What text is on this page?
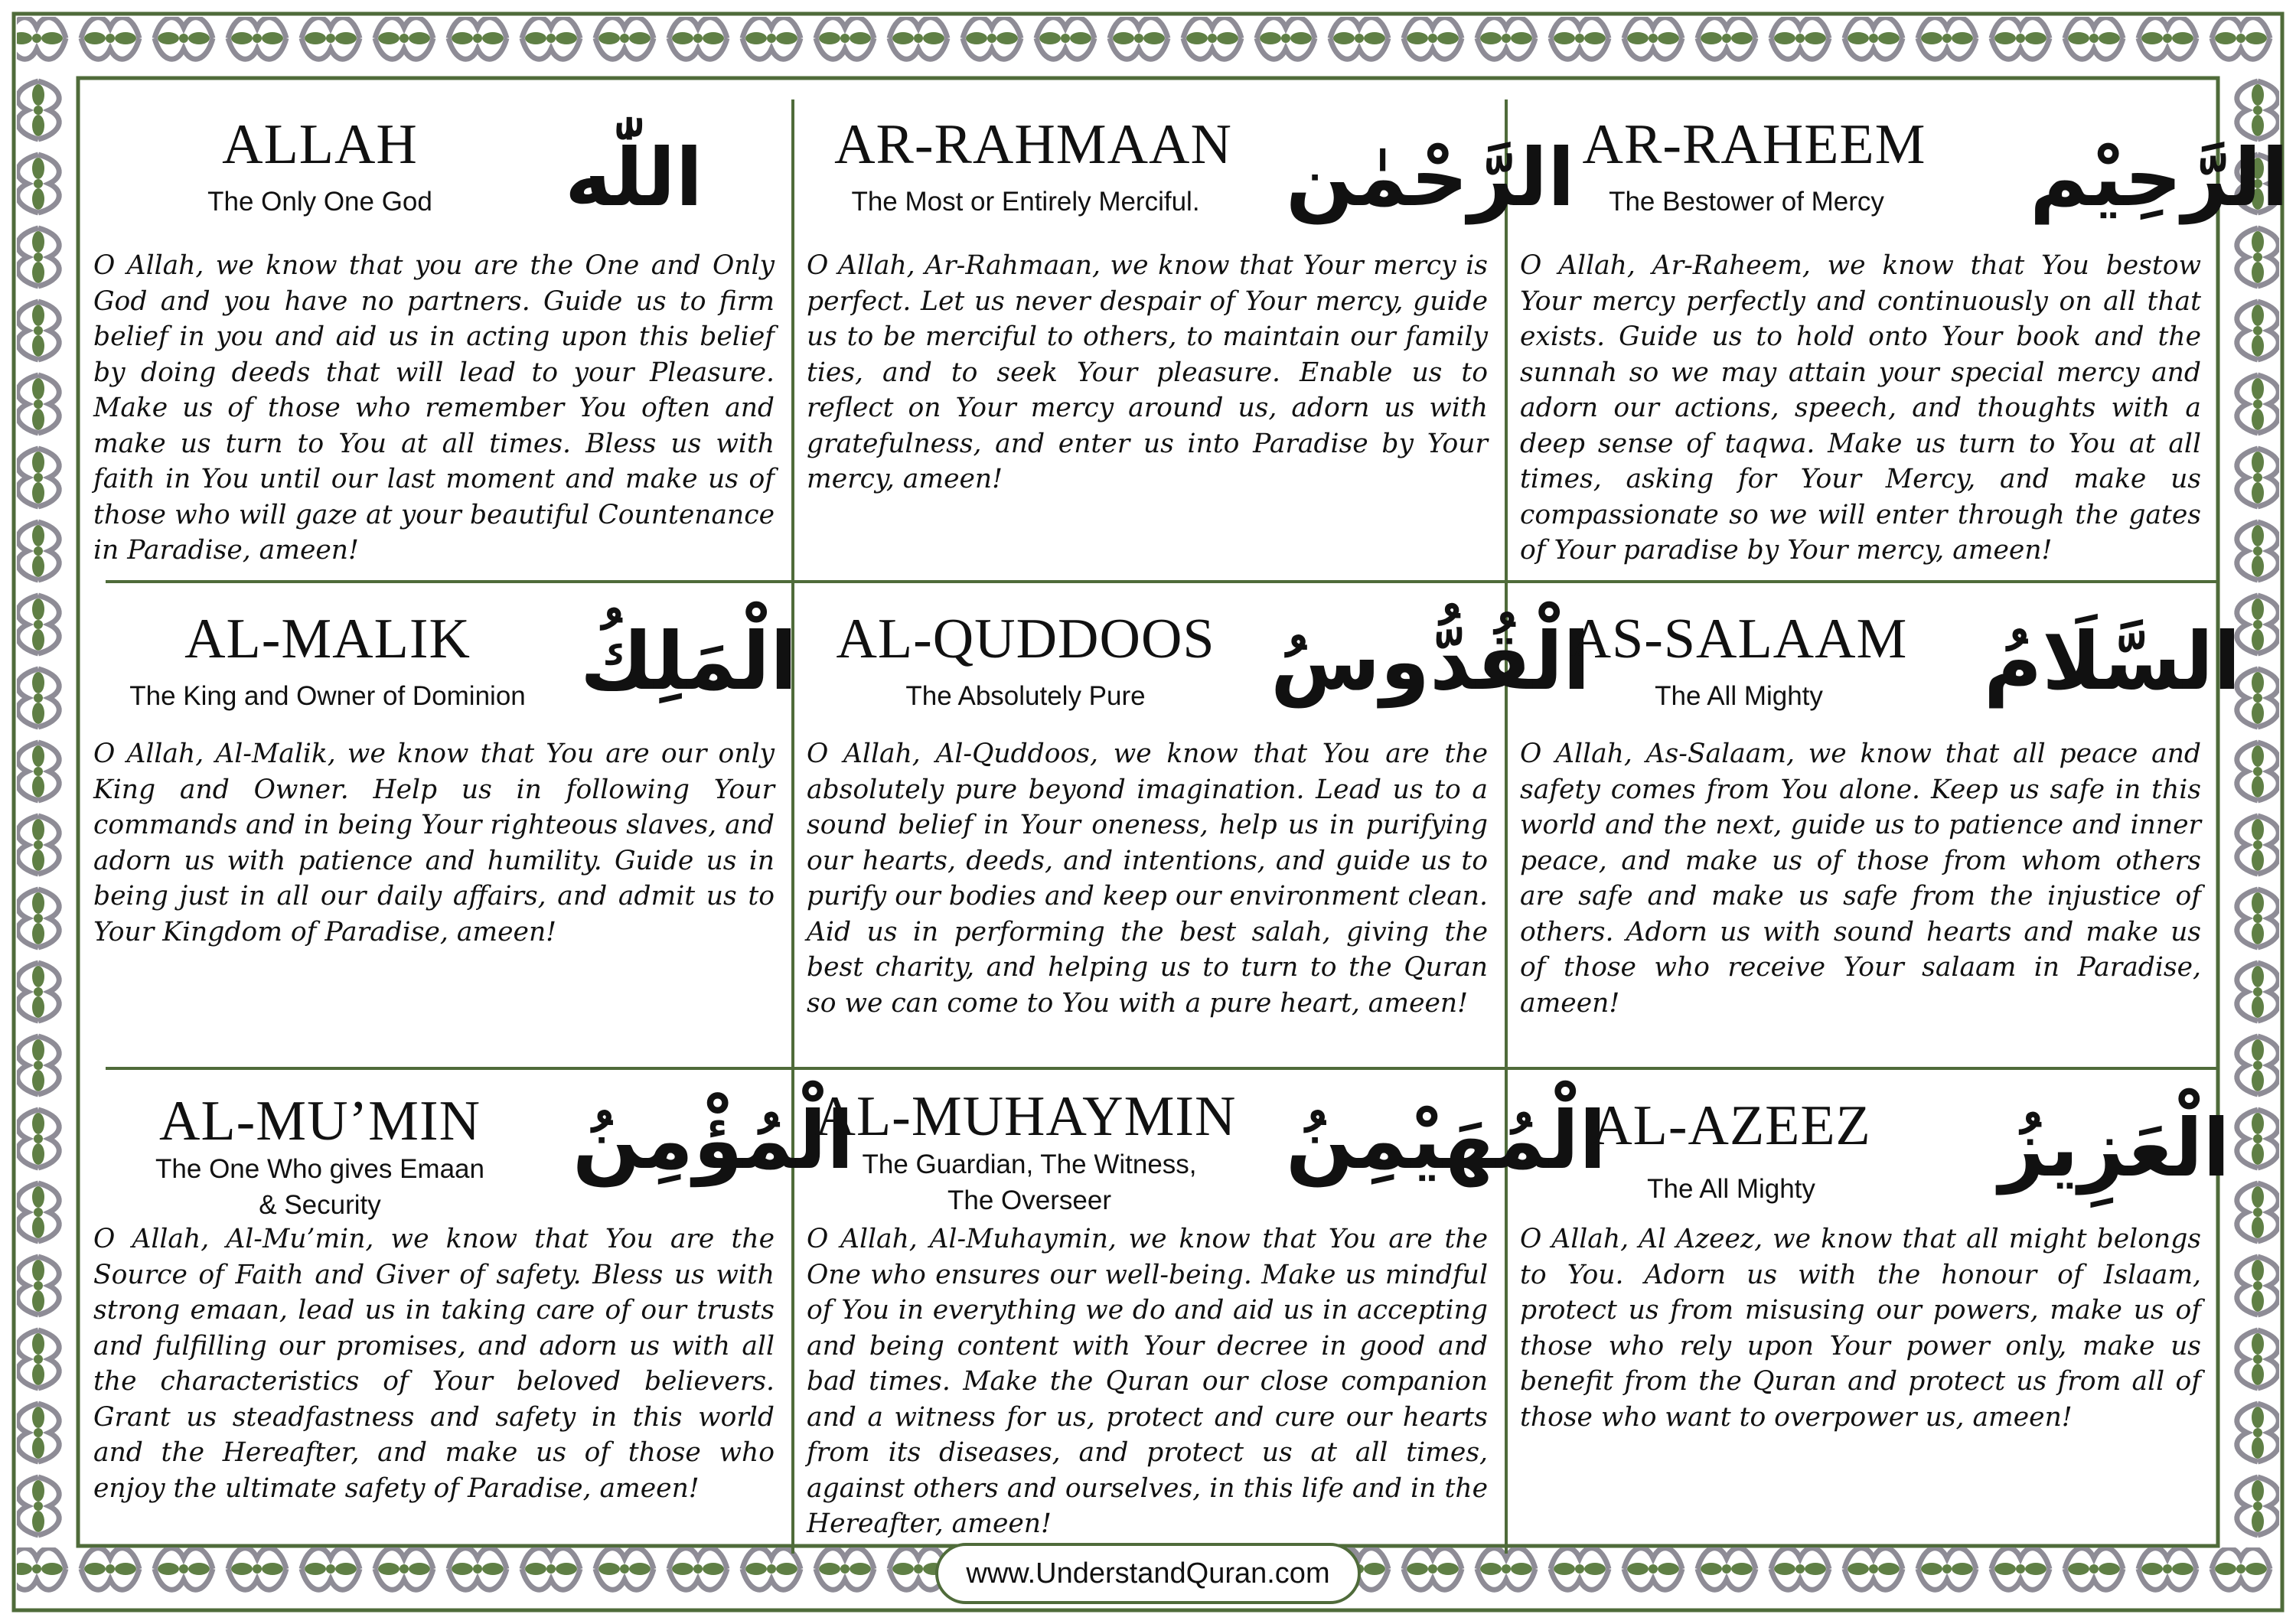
ALLAH
The Only One God	اللّٰه
O Allah, we know that you are the One and Only God and you have no partners. Guide us to firm belief in you and aid us in acting upon this belief by doing deeds that will lead to your Pleasure. Make us of those who remember You often and make us turn to You at all times. Bless us with faith in You until our last moment and make us of those who will gaze at your beautiful Countenance in Paradise, ameen!
AR-RAHMAAN
The Most or Entirely Merciful.	الرَّحْمٰن
O Allah, Ar-Rahmaan, we know that Your mercy is perfect. Let us never despair of Your mercy, guide us to be merciful to others, to maintain our family ties, and to seek Your pleasure. Enable us to reflect on Your mercy around us, adorn us with gratefulness, and enter us into Paradise by Your mercy, ameen!
AR-RAHEEM
The Bestower of Mercy	الرَّحِيْم
O Allah, Ar-Raheem, we know that You bestow Your mercy perfectly and continuously on all that exists. Guide us to hold onto Your book and the sunnah so we may attain your special mercy and adorn our actions, speech, and thoughts with a deep sense of taqwa. Make us turn to You at all times, asking for Your Mercy, and make us compassionate so we will enter through the gates of Your paradise by Your mercy, ameen!
AL-MALIK
The King and Owner of Dominion الْمَلِكُ
O Allah, Al-Malik, we know that You are our only King and Owner. Help us in following Your commands and in being Your righteous slaves, and adorn us with patience and humility. Guide us in being just in all our daily affairs, and admit us to Your Kingdom of Paradise, ameen!
AL-QUDDOOS
The Absolutely Pure	الْقُدُّوسُ
O Allah, Al-Quddoos, we know that You are the absolutely pure beyond imagination. Lead us to a sound belief in Your oneness, help us in purifying our hearts, deeds, and intentions, and guide us to purify our bodies and keep our environment clean. Aid us in performing the best salah, giving the best charity, and helping us to turn to the Quran so we can come to You with a pure heart, ameen!
AS-SALAAM
The All Mighty	السَّلَامُ
O Allah, As-Salaam, we know that all peace and safety comes from You alone. Keep us safe in this world and the next, guide us to patience and inner peace, and make us of those from whom others are safe and make us safe from the injustice of others. Adorn us with sound hearts and make us of those who receive Your salaam in Paradise, ameen!
AL-MU’MIN
The One Who gives Emaan & Security
الْمُؤْمِنُ
O Allah, Al-Mu’min, we know that You are the Source of Faith and Giver of safety. Bless us with strong emaan, lead us in taking care of our trusts and fulfilling our promises, and adorn us with all the characteristics of Your beloved believers. Grant us steadfastness and safety in this world and the Hereafter, and make us of those who enjoy the ultimate safety of Paradise, ameen!
AL-MUHAYMIN
The Guardian, The Witness, The Overseer
الْمُهَيْمِنُ
O Allah, Al-Muhaymin, we know that You are the One who ensures our well-being. Make us mindful of You in everything we do and aid us in accepting and being content with Your decree in good and bad times. Make the Quran our close companion and a witness for us, protect and cure our hearts from its diseases, and protect us at all times, against others and ourselves, in this life and in the Hereafter, ameen!
AL-AZEEZ
The All Mighty	الْعَزِيزُ
O Allah, Al Azeez, we know that all might belongs to You. Adorn us with the honour of Islaam, protect us from misusing our powers, make us of those who rely upon Your power only, make us benefit from the Quran and protect us from all of those who want to overpower us, ameen!
www.UnderstandQuran.com
